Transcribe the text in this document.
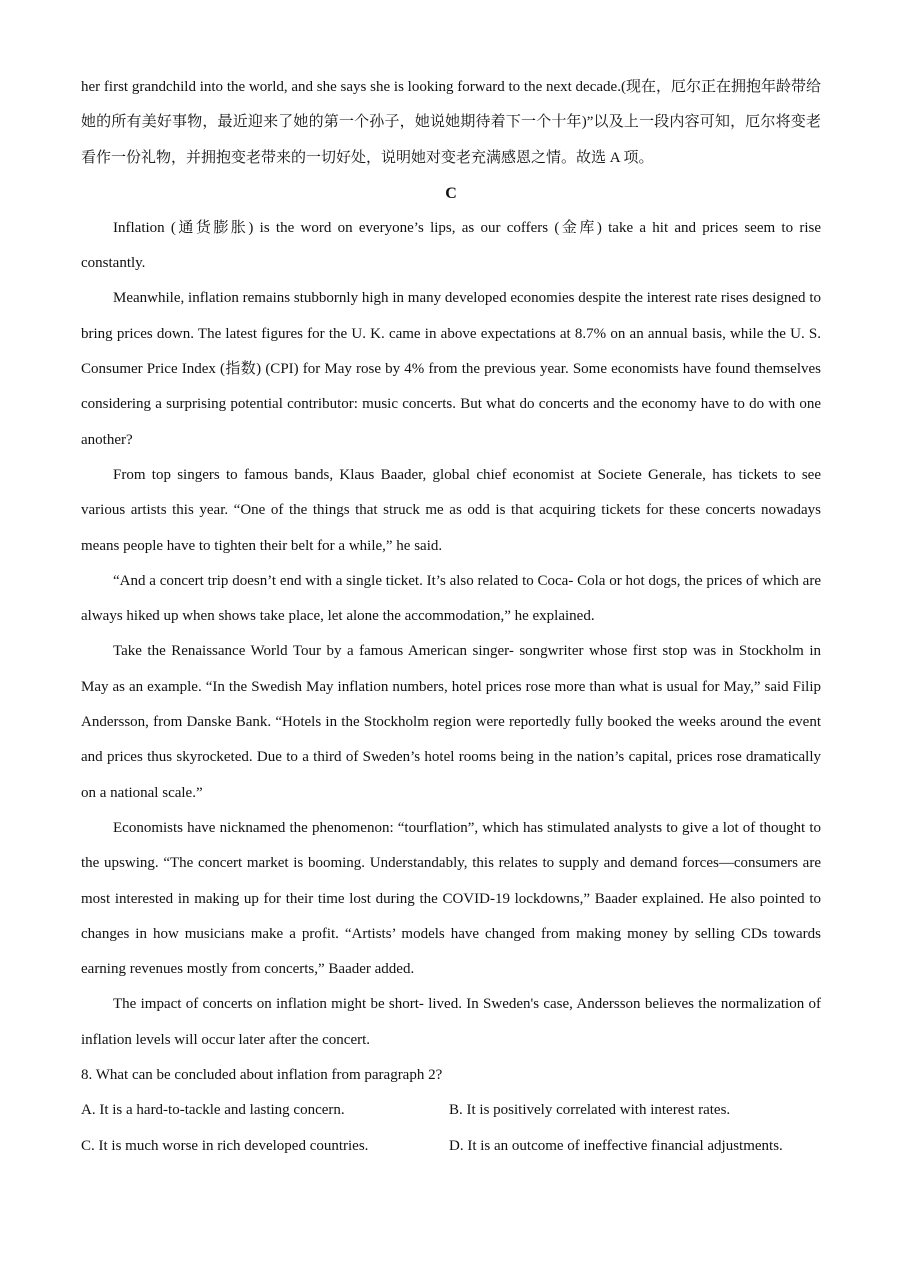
her first grandchild into the world, and she says she is looking forward to the next decade.(现在，厄尔正在拥抱年龄带给她的所有美好事物，最近迎来了她的第一个孙子，她说她期待着下一个十年)”以及上一段内容可知，厄尔将变老看作一份礼物，并拥抱变老带来的一切好处，说明她对变老充满感恩之情。故选 A 项。

C

Inflation (通货膨胀) is the word on everyone’s lips, as our coffers (金库) take a hit and prices seem to rise constantly.

Meanwhile, inflation remains stubbornly high in many developed economies despite the interest rate rises designed to bring prices down. The latest figures for the U. K. came in above expectations at 8.7% on an annual basis, while the U. S. Consumer Price Index (指数) (CPI) for May rose by 4% from the previous year. Some economists have found themselves considering a surprising potential contributor: music concerts. But what do concerts and the economy have to do with one another?

From top singers to famous bands, Klaus Baader, global chief economist at Societe Generale, has tickets to see various artists this year. “One of the things that struck me as odd is that acquiring tickets for these concerts nowadays means people have to tighten their belt for a while,” he said.

“And a concert trip doesn’t end with a single ticket. It’s also related to Coca- Cola or hot dogs, the prices of which are always hiked up when shows take place, let alone the accommodation,” he explained.

Take the Renaissance World Tour by a famous American singer- songwriter whose first stop was in Stockholm in May as an example. “In the Swedish May inflation numbers, hotel prices rose more than what is usual for May,” said Filip Andersson, from Danske Bank. “Hotels in the Stockholm region were reportedly fully booked the weeks around the event and prices thus skyrocketed. Due to a third of Sweden’s hotel rooms being in the nation’s capital, prices rose dramatically on a national scale.”

Economists have nicknamed the phenomenon: “tourflation”, which has stimulated analysts to give a lot of thought to the upswing. “The concert market is booming. Understandably, this relates to supply and demand forces—consumers are most interested in making up for their time lost during the COVID-19 lockdowns,” Baader explained. He also pointed to changes in how musicians make a profit. “Artists’ models have changed from making money by selling CDs towards earning revenues mostly from concerts,” Baader added.

The impact of concerts on inflation might be short- lived. In Sweden's case, Andersson believes the normalization of inflation levels will occur later after the concert.

8. What can be concluded about inflation from paragraph 2?

A. It is a hard-to-tackle and lasting concern.	B. It is positively correlated with interest rates.
C. It is much worse in rich developed countries.	D. It is an outcome of ineffective financial adjustments.
